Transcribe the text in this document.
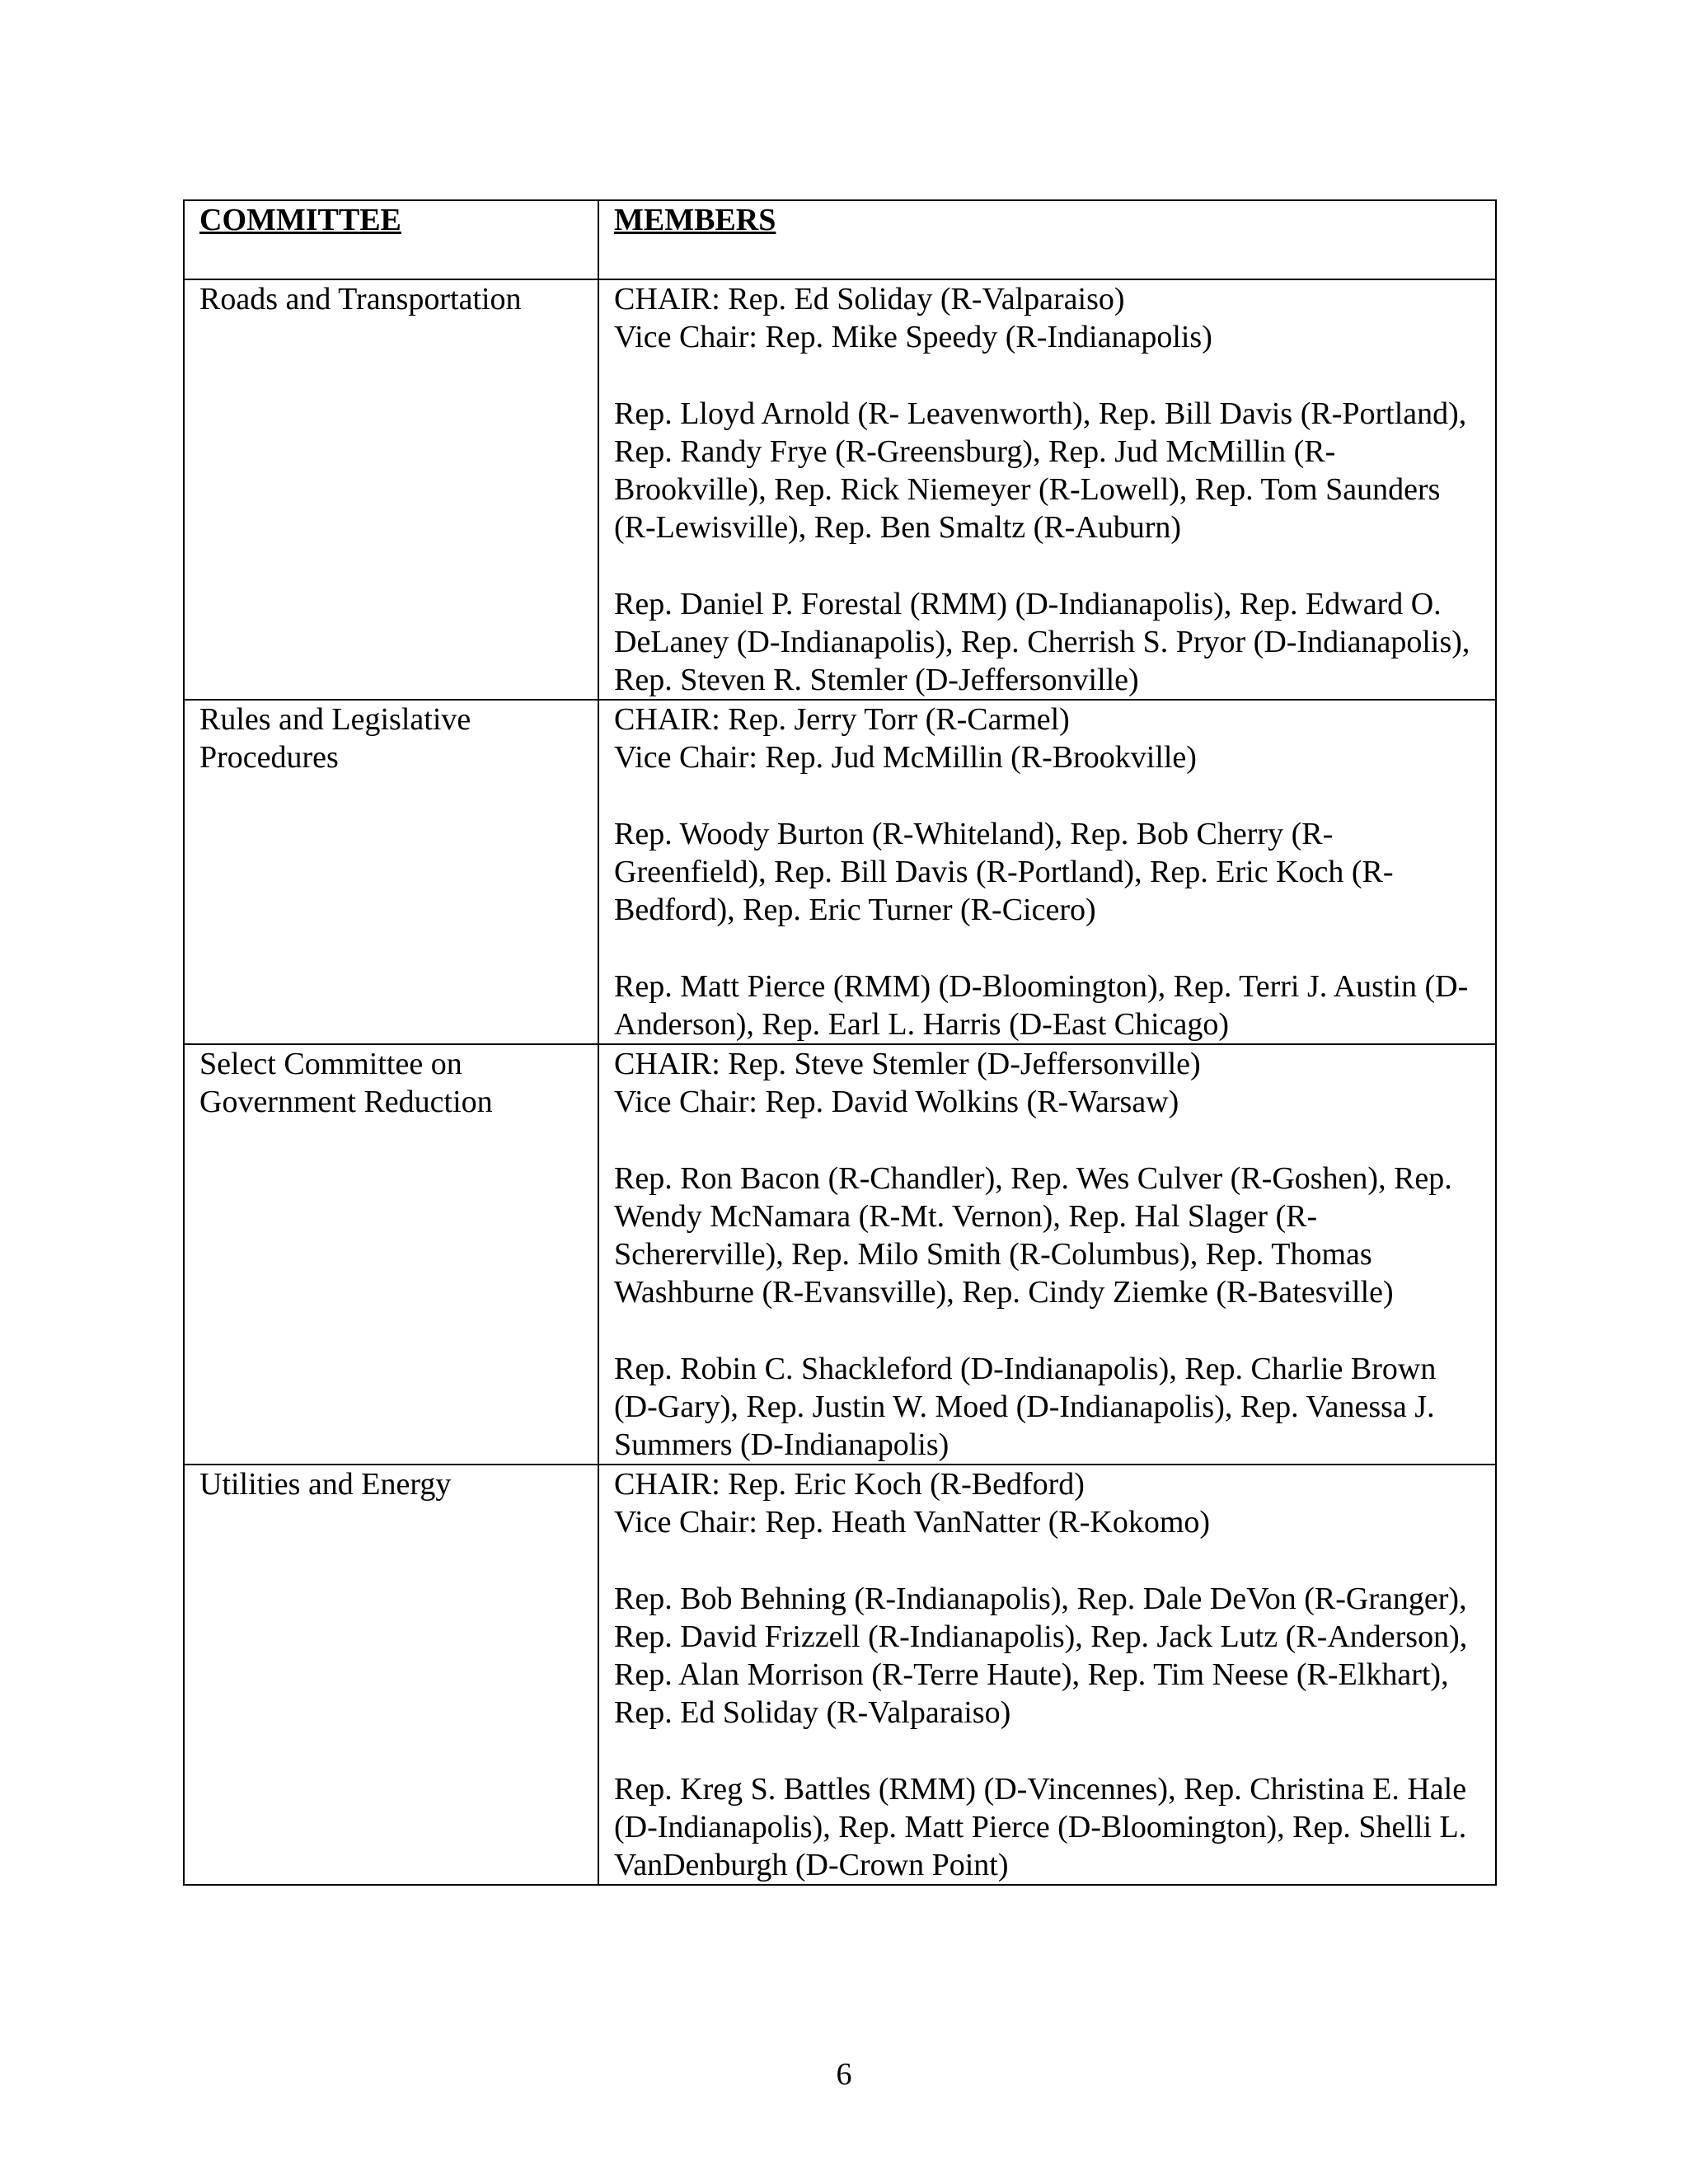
COMMITTEE	MEMBERS
Roads and Transportation	CHAIR: Rep. Ed Soliday (R-Valparaiso)
Vice Chair: Rep. Mike Speedy (R-Indianapolis)
Rep. Lloyd Arnold (R- Leavenworth), Rep. Bill Davis (R-Portland), Rep. Randy Frye (R-Greensburg), Rep. Jud McMillin (R-Brookville), Rep. Rick Niemeyer (R-Lowell), Rep. Tom Saunders (R-Lewisville), Rep. Ben Smaltz (R-Auburn)
Rep. Daniel P. Forestal (RMM) (D-Indianapolis), Rep. Edward O. DeLaney (D-Indianapolis), Rep. Cherrish S. Pryor (D-Indianapolis), Rep. Steven R. Stemler (D-Jeffersonville)

Rules and Legislative Procedures	CHAIR: Rep. Jerry Torr (R-Carmel)
Vice Chair: Rep. Jud McMillin (R-Brookville)
Rep. Woody Burton (R-Whiteland), Rep. Bob Cherry (R-Greenfield), Rep. Bill Davis (R-Portland), Rep. Eric Koch (R-Bedford), Rep. Eric Turner (R-Cicero)
Rep. Matt Pierce (RMM) (D-Bloomington), Rep. Terri J. Austin (D-Anderson), Rep. Earl L. Harris (D-East Chicago)

Select Committee on Government Reduction	CHAIR: Rep. Steve Stemler (D-Jeffersonville)
Vice Chair: Rep. David Wolkins (R-Warsaw)
Rep. Ron Bacon (R-Chandler), Rep. Wes Culver (R-Goshen), Rep. Wendy McNamara (R-Mt. Vernon), Rep. Hal Slager (R-Schererville), Rep. Milo Smith (R-Columbus), Rep. Thomas Washburne (R-Evansville), Rep. Cindy Ziemke (R-Batesville)
Rep. Robin C. Shackleford (D-Indianapolis), Rep. Charlie Brown (D-Gary), Rep. Justin W. Moed (D-Indianapolis), Rep. Vanessa J. Summers (D-Indianapolis)

Utilities and Energy	CHAIR: Rep. Eric Koch (R-Bedford)
Vice Chair: Rep. Heath VanNatter (R-Kokomo)
Rep. Bob Behning (R-Indianapolis), Rep. Dale DeVon (R-Granger), Rep. David Frizzell (R-Indianapolis), Rep. Jack Lutz (R-Anderson), Rep. Alan Morrison (R-Terre Haute), Rep. Tim Neese (R-Elkhart), Rep. Ed Soliday (R-Valparaiso)
Rep. Kreg S. Battles (RMM) (D-Vincennes), Rep. Christina E. Hale (D-Indianapolis), Rep. Matt Pierce (D-Bloomington), Rep. Shelli L. VanDenburgh (D-Crown Point)
6
